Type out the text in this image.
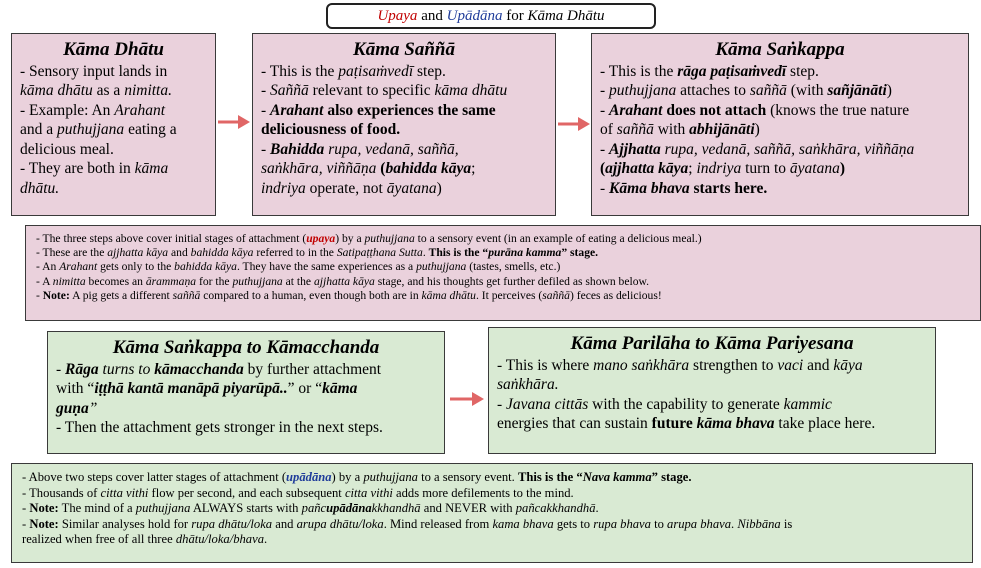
Upaya and Upādāna for Kāma Dhātu

Kāma Dhātu

- Sensory input lands in

kāma dhātu as a nimitta.

- Example: An Arahant

and a puthujjana eating a

delicious meal.

- They are both in kāma

dhātu.

Kāma Saññā

- This is the paṭisaṁvedī step.

- Saññā relevant to specific kāma dhātu

- Arahant also experiences the same

deliciousness of food.

- Bahidda rupa, vedanā, saññā,

saṅkhāra, viññāṇa (bahidda kāya;

indriya operate, not āyatana)

Kāma Saṅkappa

- This is the rāga paṭisaṁvedī step.

- puthujjana attaches to saññā (with sañjānāti)

- Arahant does not attach (knows the true nature

of saññā with abhijānāti)

- Ajjhatta rupa, vedanā, saññā, saṅkhāra, viññāṇa

(ajjhatta kāya; indriya turn to āyatana)

- Kāma bhava starts here.

- The three steps above cover initial stages of attachment (upaya) by a puthujjana to a sensory event (in an example of eating a delicious meal.)

- These are the ajjhatta kāya and bahidda kāya referred to in the Satipaṭṭhana Sutta. This is the “purāna kamma” stage.

- An Arahant gets only to the bahidda kāya. They have the same experiences as a puthujjana (tastes, smells, etc.)

- A nimitta becomes an ārammaṇa for the puthujjana at the ajjhatta kāya stage, and his thoughts get further defiled as shown below.

- Note: A pig gets a different saññā compared to a human, even though both are in kāma dhātu. It perceives (saññā) feces as delicious!

Kāma Saṅkappa to Kāmacchanda

- Rāga turns to kāmacchanda by further attachment

with “iṭṭhā kantā manāpā piyarūpā..” or “kāma

guṇa”

- Then the attachment gets stronger in the next steps.

Kāma Parilāha to Kāma Pariyesana

- This is where mano saṅkhāra strengthen to vaci and kāya

saṅkhāra.

- Javana cittās with the capability to generate kammic

energies that can sustain future kāma bhava take place here.

- Above two steps cover latter stages of attachment (upādāna) by a puthujjana to a sensory event. This is the “Nava kamma” stage.

- Thousands of citta vithi flow per second, and each subsequent citta vithi adds more defilements to the mind.

- Note: The mind of a puthujjana ALWAYS starts with pañcupādānakkhandhā and NEVER with pañcakkhandhā.

- Note: Similar analyses hold for rupa dhātu/loka and arupa dhātu/loka. Mind released from kama bhava gets to rupa bhava to arupa bhava. Nibbāna is

realized when free of all three dhātu/loka/bhava.
